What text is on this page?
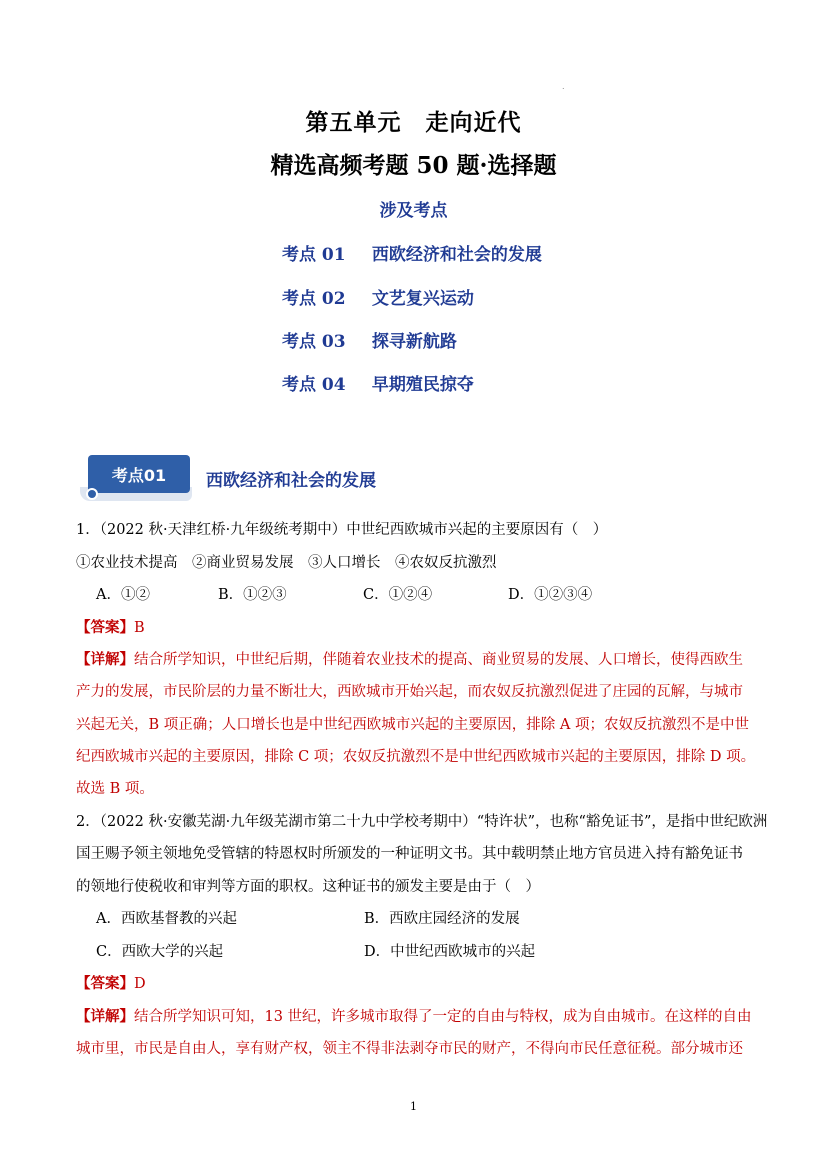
.
第五单元　走向近代
精选高频考题 50 题·选择题
涉及考点
考点 01 西欧经济和社会的发展
考点 02 文艺复兴运动
考点 03 探寻新航路
考点 04 早期殖民掠夺
考点01	西欧经济和社会的发展
1．（2022 秋·天津红桥·九年级统考期中）中世纪西欧城市兴起的主要原因有（　）
①农业技术提高　②商业贸易发展　③人口增长　④农奴反抗激烈
A．①②	B．①②③	C．①②④	D．①②③④
【答案】B
【详解】结合所学知识，中世纪后期，伴随着农业技术的提高、商业贸易的发展、人口增长，使得西欧生
产力的发展，市民阶层的力量不断壮大，西欧城市开始兴起，而农奴反抗激烈促进了庄园的瓦解，与城市
兴起无关，B 项正确；人口增长也是中世纪西欧城市兴起的主要原因，排除 A 项；农奴反抗激烈不是中世
纪西欧城市兴起的主要原因，排除 C 项；农奴反抗激烈不是中世纪西欧城市兴起的主要原因，排除 D 项。
故选 B 项。
2．（2022 秋·安徽芜湖·九年级芜湖市第二十九中学校考期中）“特许状”，也称“豁免证书”，是指中世纪欧洲
国王赐予领主领地免受管辖的特恩权时所颁发的一种证明文书。其中载明禁止地方官员进入持有豁免证书
的领地行使税收和审判等方面的职权。这种证书的颁发主要是由于（　）
A．西欧基督教的兴起	B．西欧庄园经济的发展
C．西欧大学的兴起	D．中世纪西欧城市的兴起
【答案】D
【详解】结合所学知识可知，13 世纪，许多城市取得了一定的自由与特权，成为自由城市。在这样的自由
城市里，市民是自由人，享有财产权，领主不得非法剥夺市民的财产，不得向市民任意征税。部分城市还
1
